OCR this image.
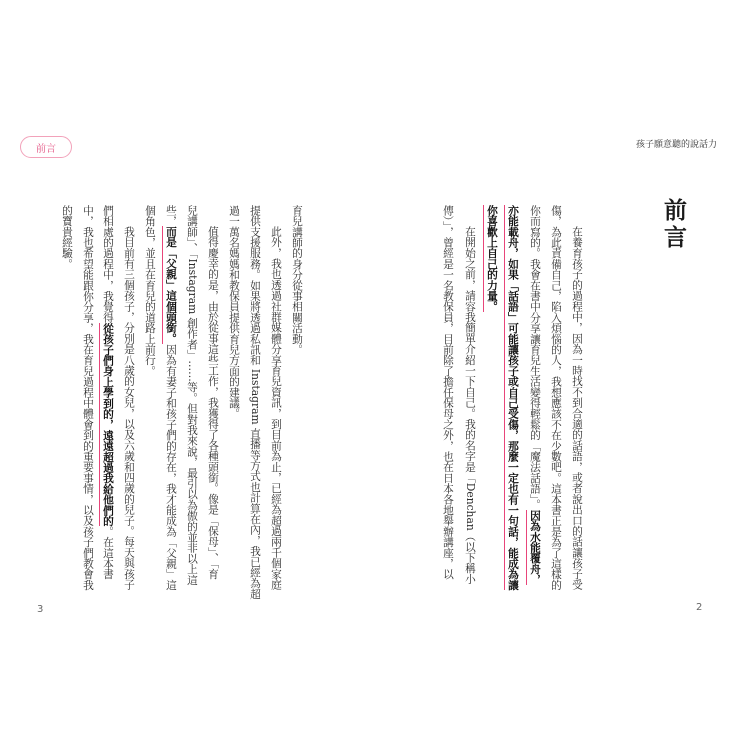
前言
育兒講師的身分從事相關活動。
此外，我也透過社群媒體分享育兒資訊，到目前為止，已經為超過兩千個家庭
提供支援服務。如果將透過私訊和 Instagram 直播等方式也計算在內，我已經為超
過一萬名媽媽和教保員提供育兒方面的建議。
值得慶幸的是，由於從事這些工作，我獲得了各種頭銜。像是「保母」、「育
兒講師」、「Instagram 創作者」……等。但對我來說，最引以為傲的並非以上這
些，而是「父親」這個頭銜。因為有妻子和孩子們的存在，我才能成為「父親」這
個角色，並且在育兒的道路上前行。
我目前有三個孩子，分別是八歲的女兒，以及六歲和四歲的兒子。每天與孩子
們相處的過程中，我覺得從孩子們身上學到的，遠遠超過我給他們的。在這本書
中，我也希望能跟你分享，我在育兒過程中體會到的重要事情，以及孩子們教會我
的寶貴經驗。
3
孩子願意聽的說話力
前言
在養育孩子的過程中，因為一時找不到合適的話語，或者說出口的話讓孩子受
傷，為此責備自己，陷入煩惱的人，我想應該不在少數吧。這本書正是為了這樣的
你而寫的。我會在書中分享讓育兒生活變得輕鬆的「魔法話語」。因為水能覆舟，
亦能載舟，如果「話語」可能讓孩子或自己受傷，那麼一定也有一句話，能成為讓
你喜歡上自己的力量。
在開始之前，請容我簡單介紹一下自己。我的名字是「Denchan（以下稱小
傳）」，曾經是一名教保員，目前除了擔任保母之外，也在日本各地舉辦講座，以
2
